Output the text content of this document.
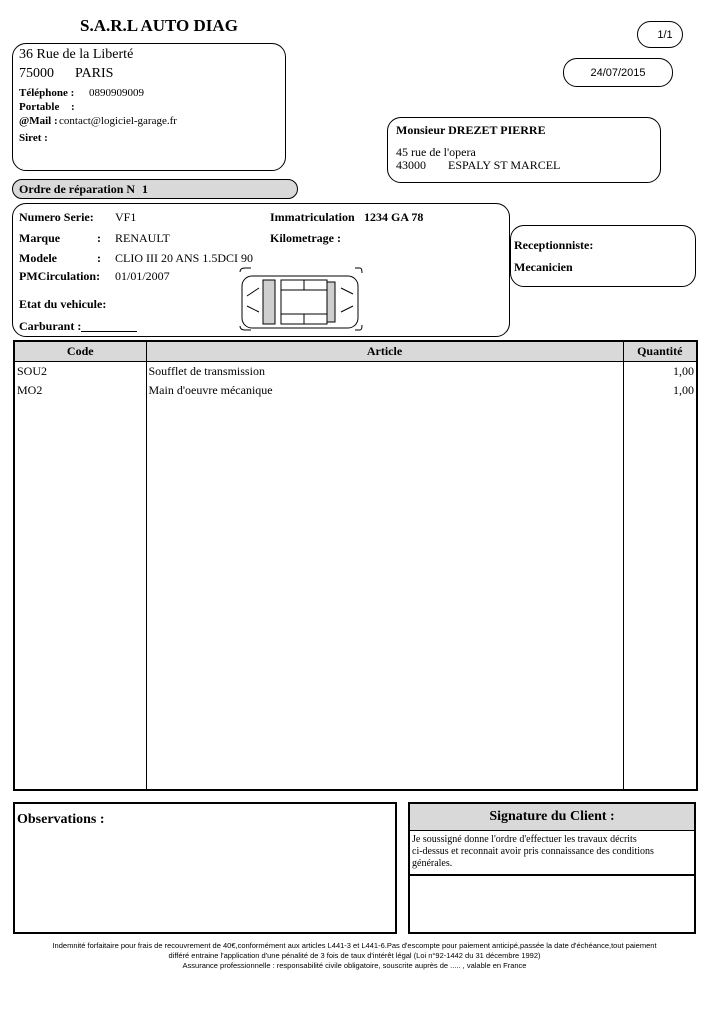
S.A.R.L AUTO DIAG	1/1
24/07/2015
36 Rue de la Liberté
75000 PARIS
Téléphone : 0890909009
Portable :
@Mail : contact@logiciel-garage.fr
Siret :
Monsieur DREZET PIERRE
45 rue de l'opera
43000 ESPALY ST MARCEL
Ordre de réparation N 1
Numero Serie: VF1	Immatriculation 1234 GA 78
Marque	: RENAULT	Kilometrage :
Modele	: CLIO III 20 ANS 1.5DCI 90
PMCirculation: 01/01/2007
Etat du vehicule:
Carburant :
Receptionniste:
Mecanicien
Code	Article	Quantité
SOU2	Soufflet de transmission	1,00
MO2	Main d'oeuvre mécanique	1,00

Observations :	Signature du Client :
Je soussigné donne l'ordre d'effectuer les travaux décrits
ci-dessus et reconnait avoir pris connaissance des conditions
générales.
Indemnité forfaitaire pour frais de recouvrement de 40€,conformément aux articles L441-3 et L441-6.Pas d'escompte pour paiement anticipé,passée la date d'échéance,tout paiement
différé entraine l'application d'une pénalité de 3 fois de taux d'intérêt légal (Loi n°92-1442 du 31 décembre 1992)
Assurance professionnelle : responsabilité civile obligatoire, souscrite auprès de ..... , valable en France
